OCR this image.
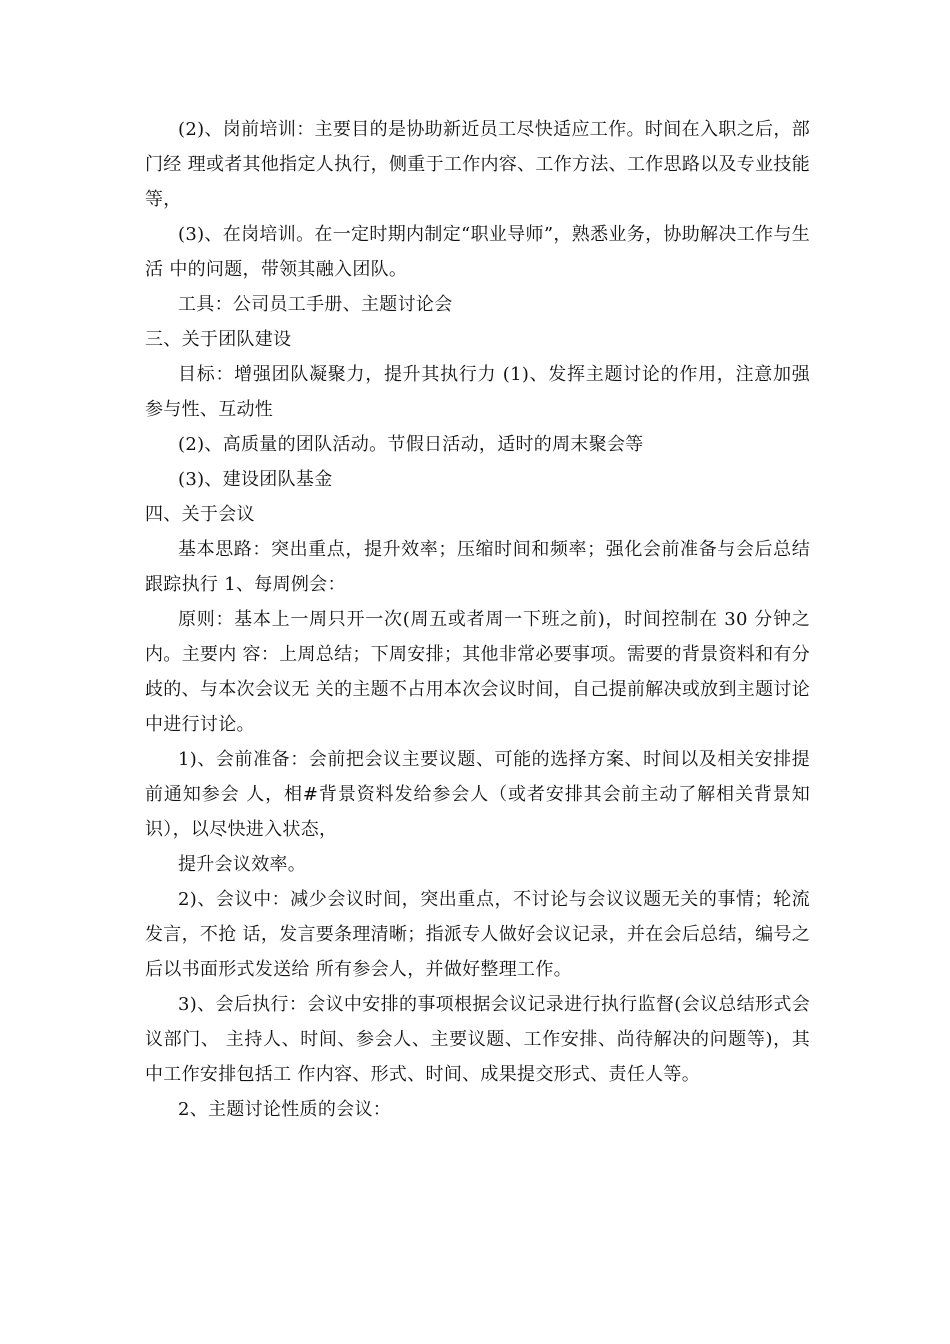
(2)、岗前培训：主要目的是协助新近员工尽快适应工作。时间在入职之后，部门经 理或者其他指定人执行，侧重于工作内容、工作方法、工作思路以及专业技能等，

(3)、在岗培训。在一定时期内制定“职业导师”，熟悉业务，协助解决工作与生活 中的问题，带领其融入团队。

工具：公司员工手册、主题讨论会

三、关于团队建设

目标：增强团队凝聚力，提升其执行力 (1)、发挥主题讨论的作用，注意加强参与性、互动性

(2)、高质量的团队活动。节假日活动，适时的周末聚会等

(3)、建设团队基金

四、关于会议

基本思路：突出重点，提升效率；压缩时间和频率；强化会前准备与会后总结跟踪执行 1、每周例会：

原则：基本上一周只开一次(周五或者周一下班之前)，时间控制在 30 分钟之内。主要内 容：上周总结；下周安排；其他非常必要事项。需要的背景资料和有分歧的、与本次会议无 关的主题不占用本次会议时间，自己提前解决或放到主题讨论中进行讨论。

1)、会前准备：会前把会议主要议题、可能的选择方案、时间以及相关安排提前通知参会 人，相#背景资料发给参会人（或者安排其会前主动了解相关背景知识），以尽快进入状态，

提升会议效率。

2)、会议中：减少会议时间，突出重点，不讨论与会议议题无关的事情；轮流发言，不抢 话，发言要条理清晰；指派专人做好会议记录，并在会后总结，编号之后以书面形式发送给 所有参会人，并做好整理工作。

3)、会后执行：会议中安排的事项根据会议记录进行执行监督(会议总结形式会议部门、 主持人、时间、参会人、主要议题、工作安排、尚待解决的问题等)，其中工作安排包括工 作内容、形式、时间、成果提交形式、责任人等。

2、主题讨论性质的会议：
